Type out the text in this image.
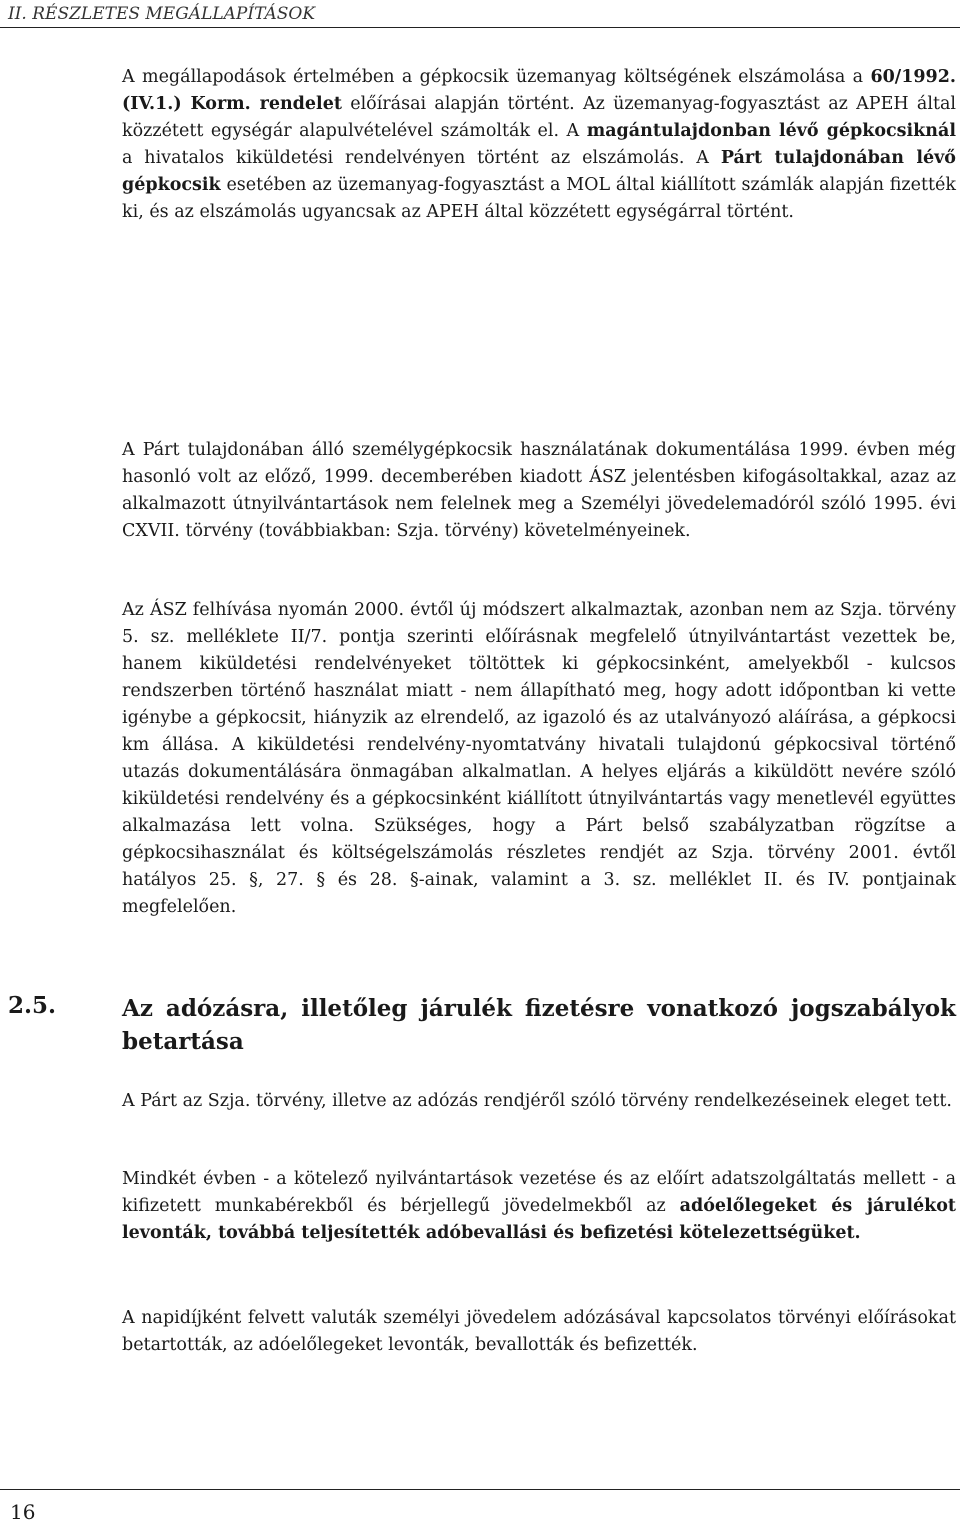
II. RÉSZLETES MEGÁLLAPÍTÁSOK

A megállapodások értelmében a gépkocsik üzemanyag költségének elszámolása a 60/1992. (IV.1.) Korm. rendelet előírásai alapján történt. Az üzemanyag-fogyasztást az APEH által közzétett egységár alapulvételével számolták el. A magántulajdonban lévő gépkocsiknál a hivatalos kiküldetési rendelvényen történt az elszámolás. A Párt tulajdonában lévő gépkocsik esetében az üzemanyag-fogyasztást a MOL által kiállított számlák alapján fizették ki, és az elszámolás ugyancsak az APEH által közzétett egységárral történt.

A Párt tulajdonában álló személygépkocsik használatának dokumentálása 1999. évben még hasonló volt az előző, 1999. decemberében kiadott ÁSZ jelentésben kifogásoltakkal, azaz az alkalmazott útnyilvántartások nem felelnek meg a Személyi jövedelemadóról szóló 1995. évi CXVII. törvény (továbbiakban: Szja. törvény) követelményeinek.

Az ÁSZ felhívása nyomán 2000. évtől új módszert alkalmaztak, azonban nem az Szja. törvény 5. sz. melléklete II/7. pontja szerinti előírásnak megfelelő útnyilvántartást vezettek be, hanem kiküldetési rendelvényeket töltöttek ki gépkocsinként, amelyekből - kulcsos rendszerben történő használat miatt - nem állapítható meg, hogy adott időpontban ki vette igénybe a gépkocsit, hiányzik az elrendelő, az igazoló és az utalványozó aláírása, a gépkocsi km állása. A kiküldetési rendelvény-nyomtatvány hivatali tulajdonú gépkocsival történő utazás dokumentálására önmagában alkalmatlan. A helyes eljárás a kiküldött nevére szóló kiküldetési rendelvény és a gépkocsinként kiállított útnyilvántartás vagy menetlevél együttes alkalmazása lett volna. Szükséges, hogy a Párt belső szabályzatban rögzítse a gépkocsihasználat és költségelszámolás részletes rendjét az Szja. törvény 2001. évtől hatályos 25. §, 27. § és 28. §-ainak, valamint a 3. sz. melléklet II. és IV. pontjainak megfelelően.

2.5.	Az adózásra, illetőleg járulék fizetésre vonatkozó jogszabályok betartása

A Párt az Szja. törvény, illetve az adózás rendjéről szóló törvény rendelkezéseinek eleget tett.

Mindkét évben - a kötelező nyilvántartások vezetése és az előírt adatszolgáltatás mellett - a kifizetett munkabérekből és bérjellegű jövedelmekből az adóelőlegeket és járulékot levonták, továbbá teljesítették adóbevallási és befizetési kötelezettségüket.

A napidíjként felvett valuták személyi jövedelem adózásával kapcsolatos törvényi előírásokat betartották, az adóelőlegeket levonták, bevallották és befizették.

16
